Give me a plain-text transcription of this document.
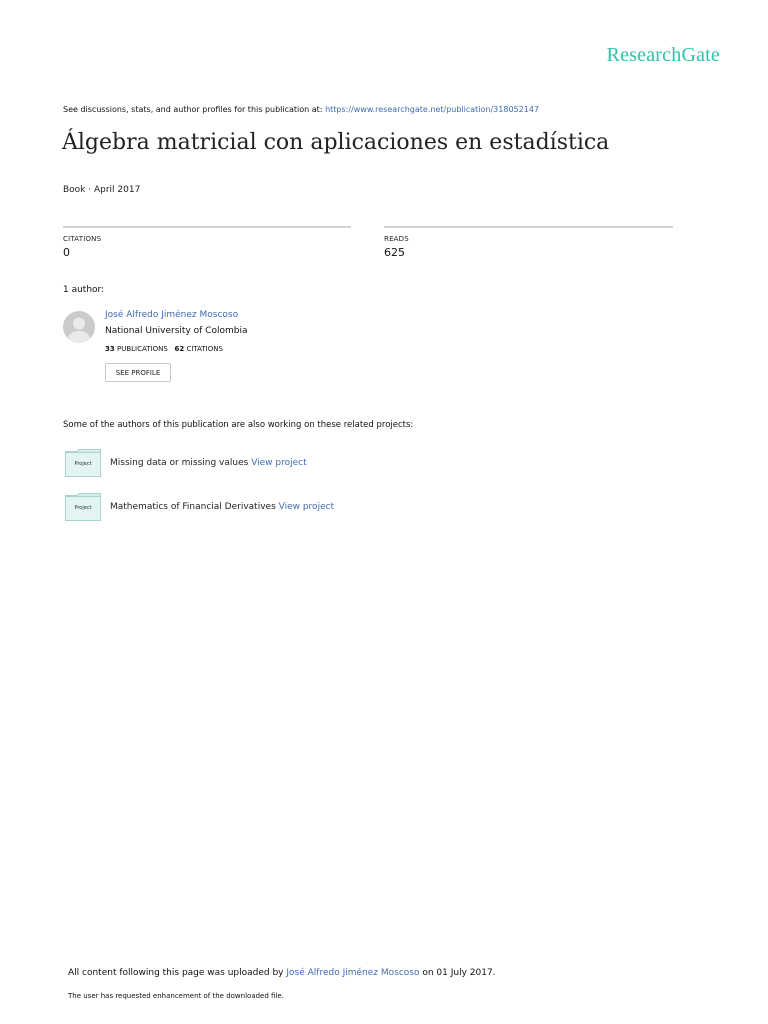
ResearchGate
See discussions, stats, and author profiles for this publication at: https://www.researchgate.net/publication/318052147
Álgebra matricial con aplicaciones en estadística
Book · April 2017
CITATIONS
0
READS
625
1 author:
José Alfredo Jiménez Moscoso
National University of Colombia
33 PUBLICATIONS 62 CITATIONS
SEE PROFILE
Some of the authors of this publication are also working on these related projects:
Project	Missing data or missing values View project
Project	Mathematics of Financial Derivatives View project
All content following this page was uploaded by José Alfredo Jiménez Moscoso on 01 July 2017.
The user has requested enhancement of the downloaded file.
